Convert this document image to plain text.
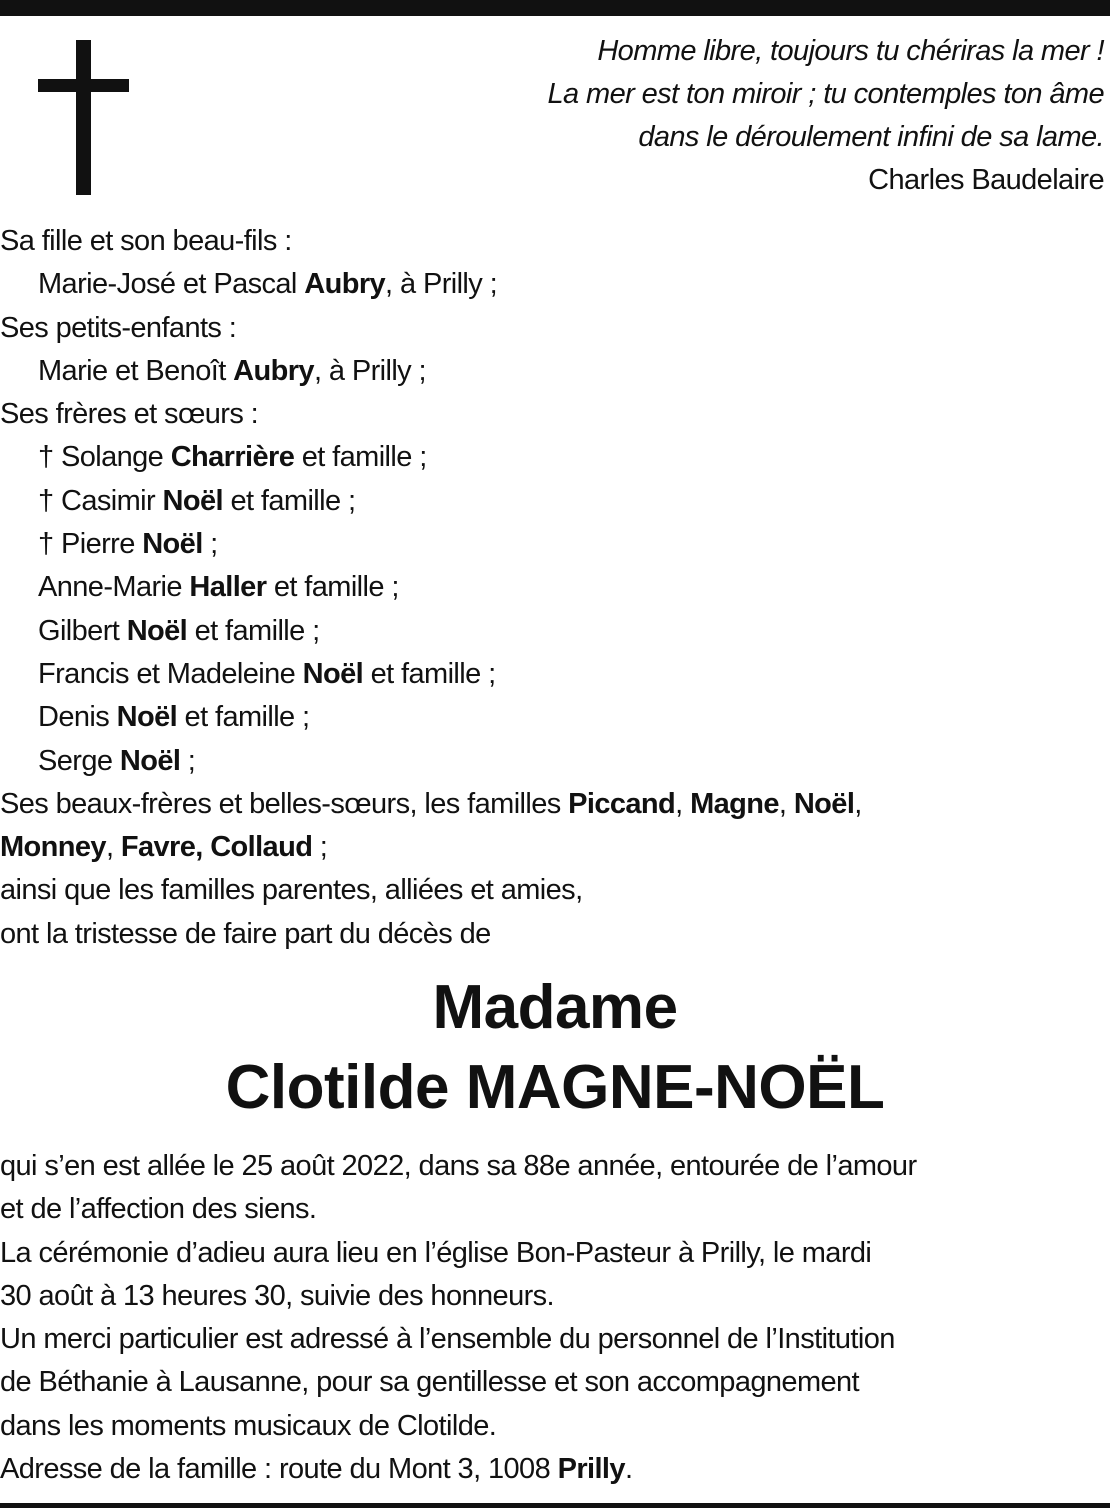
Homme libre, toujours tu chériras la mer !
La mer est ton miroir ; tu contemples ton âme
dans le déroulement infini de sa lame.
Charles Baudelaire
Sa fille et son beau-fils :
Marie-José et Pascal Aubry, à Prilly ;
Ses petits-enfants :
Marie et Benoît Aubry, à Prilly ;
Ses frères et sœurs :
† Solange Charrière et famille ;
† Casimir Noël et famille ;
† Pierre Noël ;
Anne-Marie Haller et famille ;
Gilbert Noël et famille ;
Francis et Madeleine Noël et famille ;
Denis Noël et famille ;
Serge Noël ;
Ses beaux-frères et belles-sœurs, les familles Piccand, Magne, Noël,
Monney, Favre, Collaud ;
ainsi que les familles parentes, alliées et amies,
ont la tristesse de faire part du décès de
Madame
Clotilde MAGNE-NOËL
qui s’en est allée le 25 août 2022, dans sa 88e année, entourée de l’amour
et de l’affection des siens.
La cérémonie d’adieu aura lieu en l’église Bon-Pasteur à Prilly, le mardi
30 août à 13 heures 30, suivie des honneurs.
Un merci particulier est adressé à l’ensemble du personnel de l’Institution
de Béthanie à Lausanne, pour sa gentillesse et son accompagnement
dans les moments musicaux de Clotilde.
Adresse de la famille : route du Mont 3, 1008 Prilly.
